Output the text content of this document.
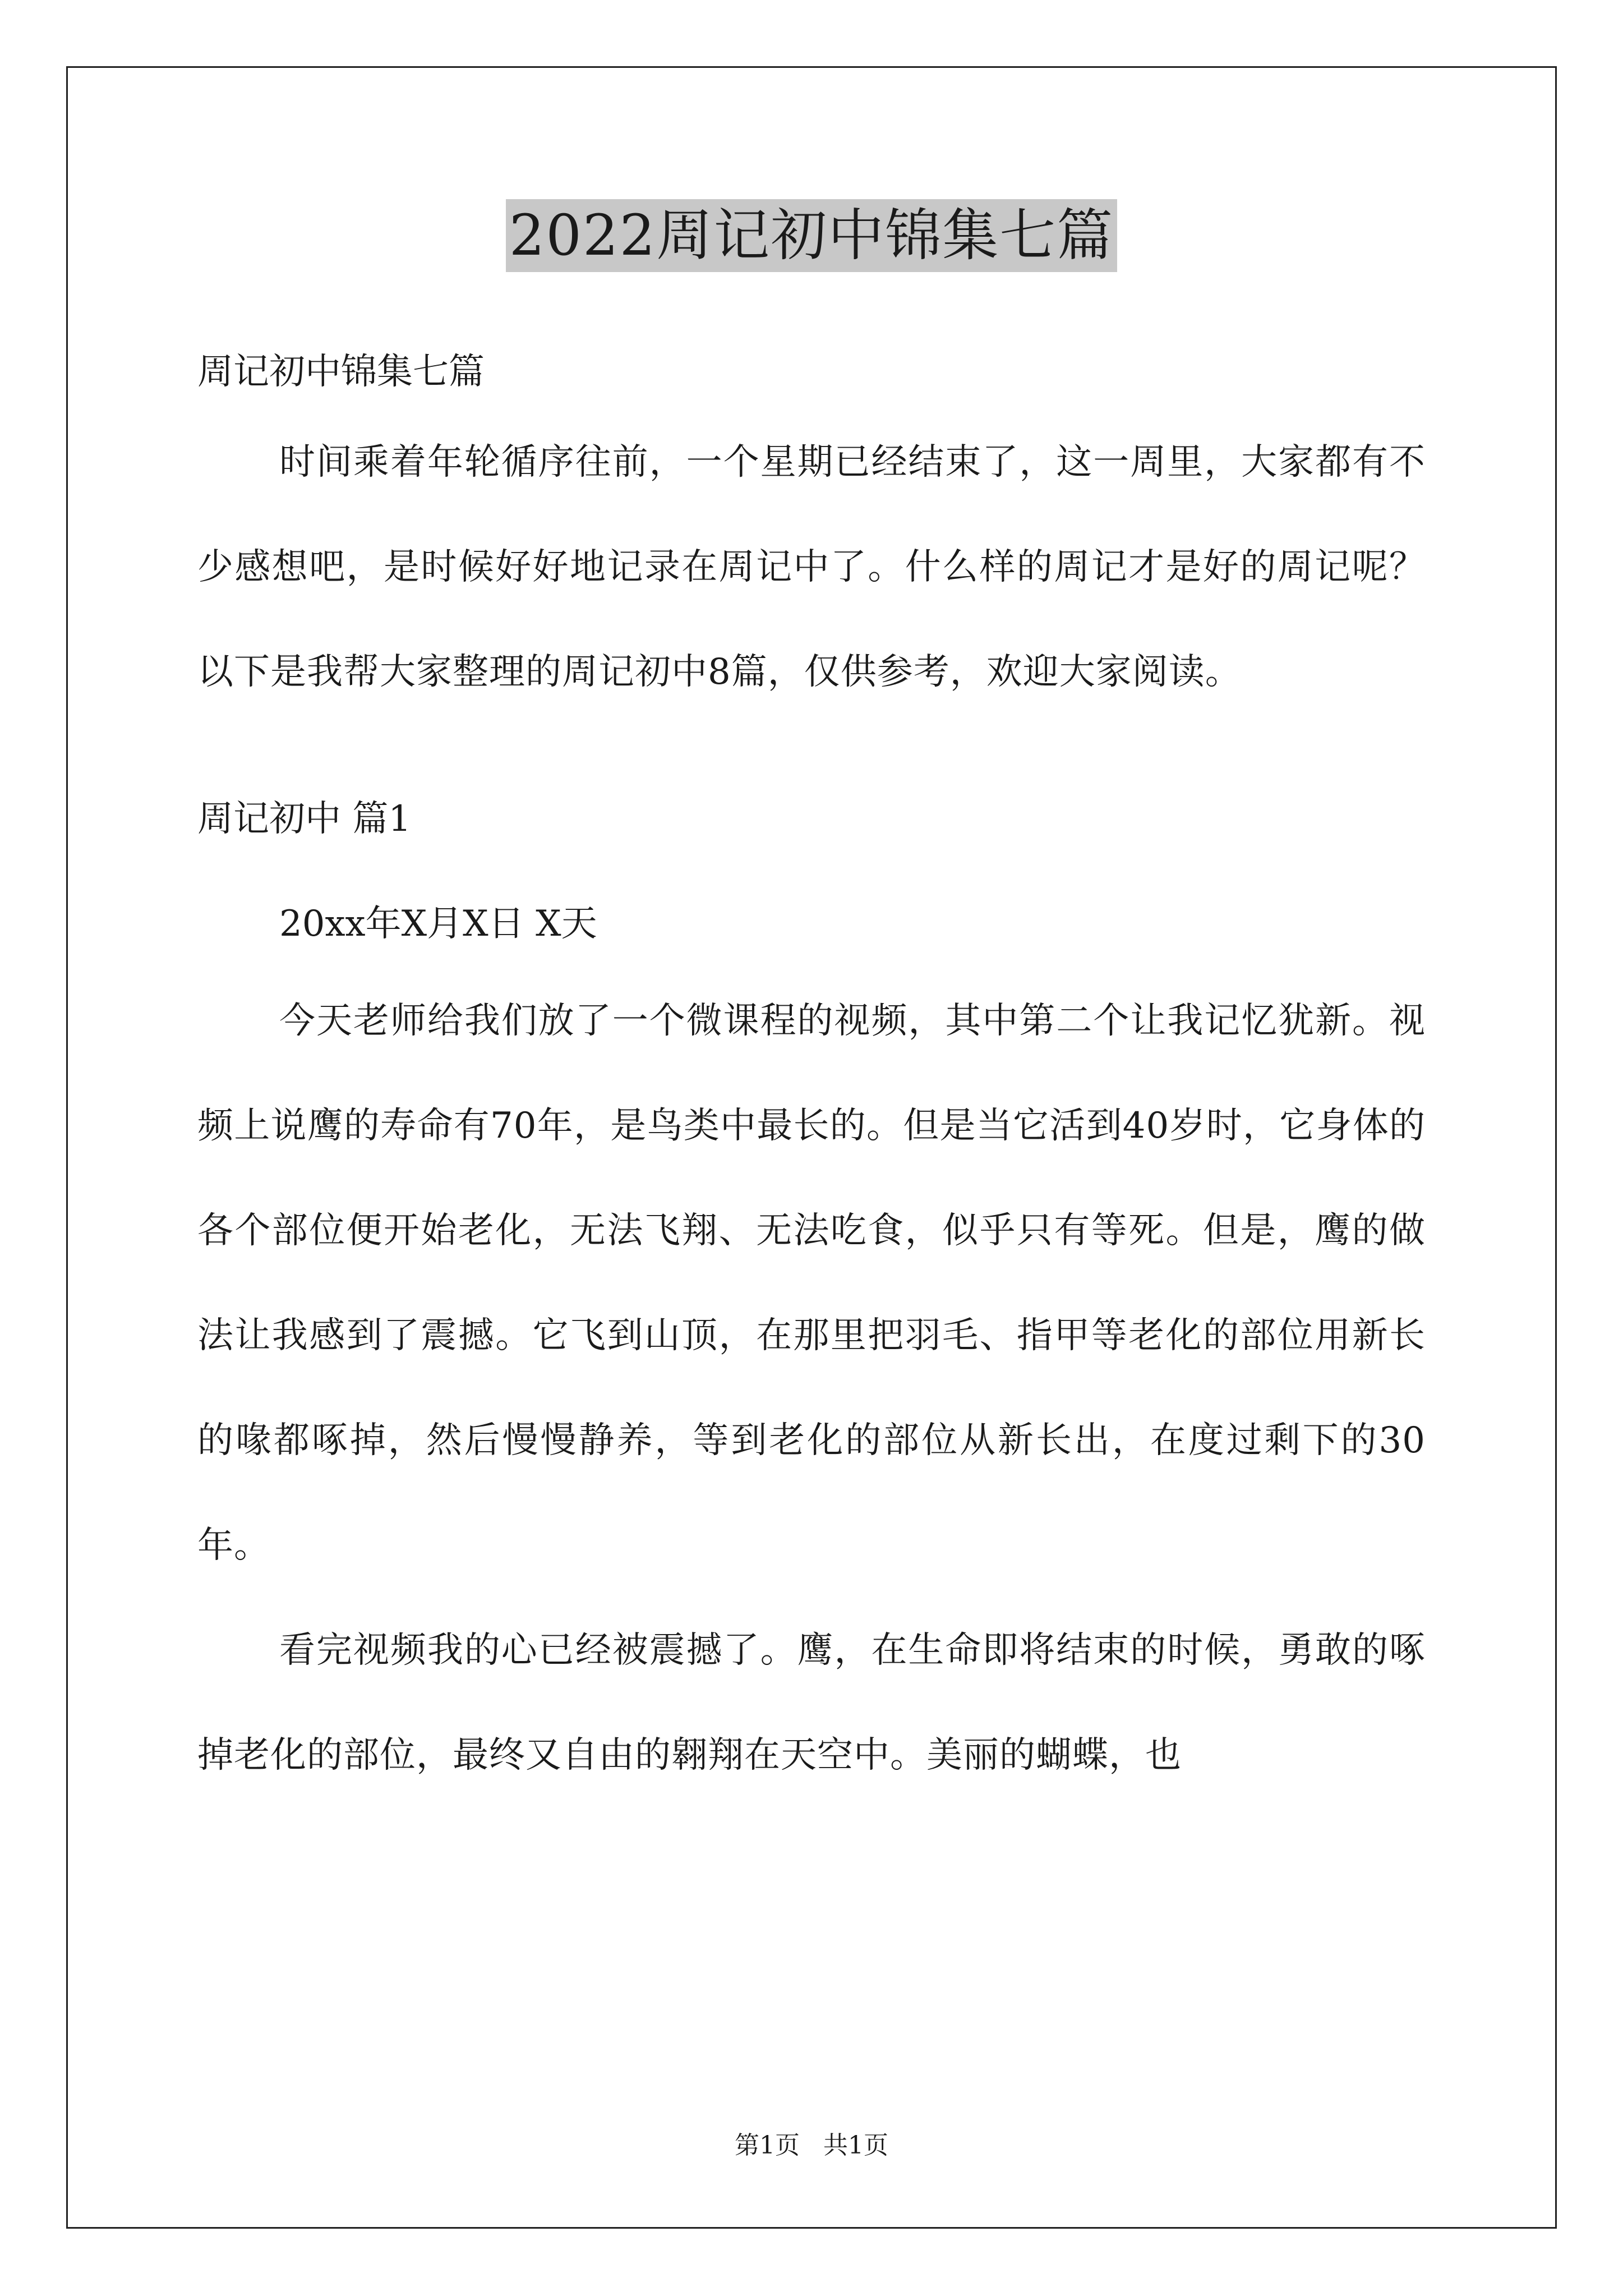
2022周记初中锦集七篇

周记初中锦集七篇

时间乘着年轮循序往前，一个星期已经结束了，这一周里，大家都有不少感想吧，是时候好好地记录在周记中了。什么样的周记才是好的周记呢？以下是我帮大家整理的周记初中8篇，仅供参考，欢迎大家阅读。

周记初中 篇1

20xx年X月X日 X天

今天老师给我们放了一个微课程的视频，其中第二个让我记忆犹新。视频上说鹰的寿命有70年，是鸟类中最长的。但是当它活到40岁时，它身体的各个部位便开始老化，无法飞翔、无法吃食，似乎只有等死。但是，鹰的做法让我感到了震撼。它飞到山顶，在那里把羽毛、指甲等老化的部位用新长的喙都啄掉，然后慢慢静养，等到老化的部位从新长出，在度过剩下的30年。

看完视频我的心已经被震撼了。鹰，在生命即将结束的时候，勇敢的啄掉老化的部位，最终又自由的翱翔在天空中。美丽的蝴蝶，也

第1页   共1页
